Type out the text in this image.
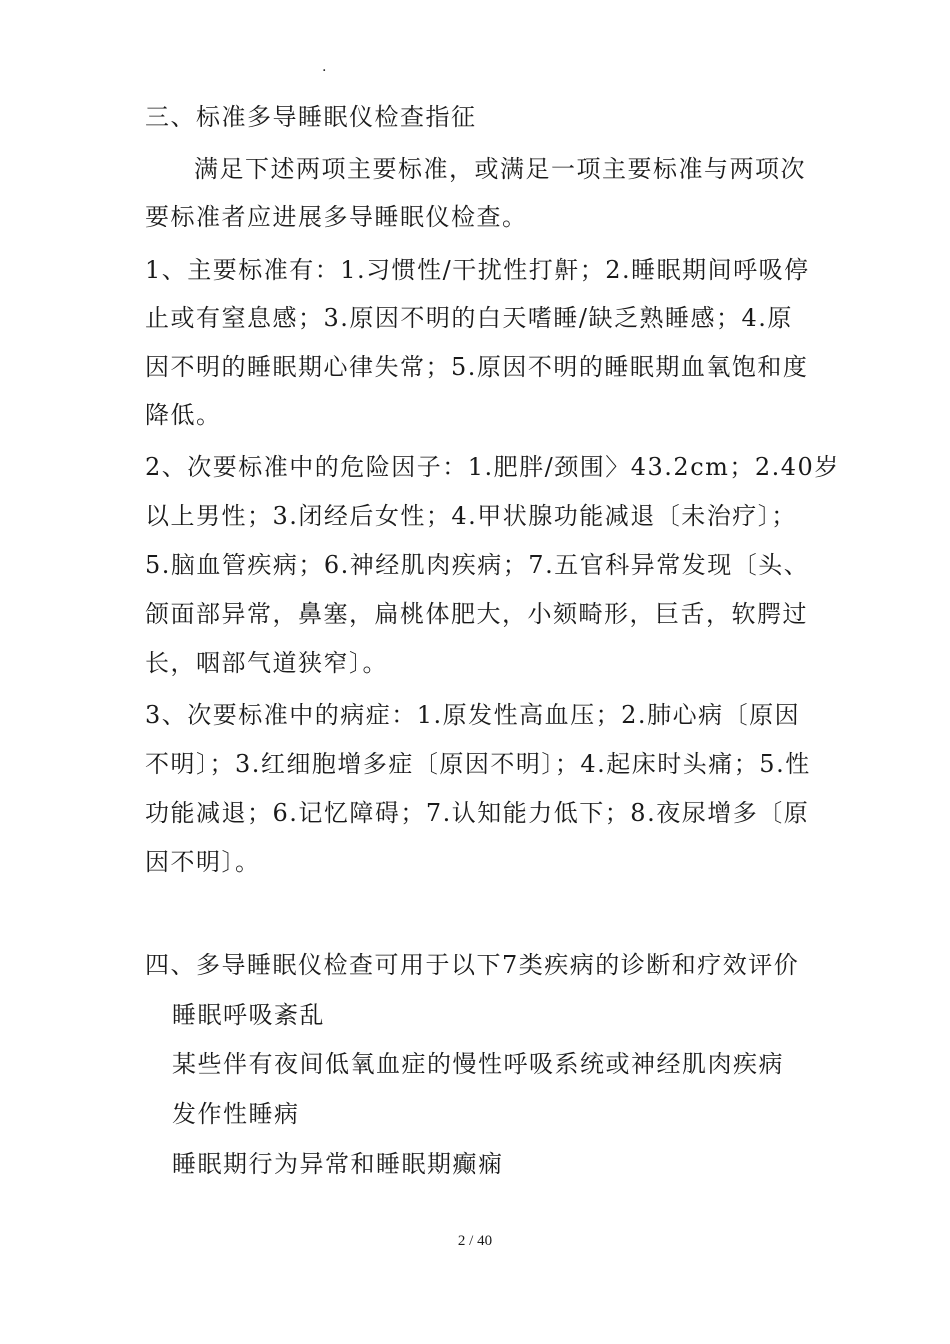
.
三、标准多导睡眠仪检查指征
满足下述两项主要标准，或满足一项主要标准与两项次
要标准者应进展多导睡眠仪检查。
1、主要标准有：1.习惯性/干扰性打鼾；2.睡眠期间呼吸停
止或有窒息感；3.原因不明的白天嗜睡/缺乏熟睡感；4.原
因不明的睡眠期心律失常；5.原因不明的睡眠期血氧饱和度
降低。
2、次要标准中的危险因子：1.肥胖/颈围〉43.2cm；2.40岁
以上男性；3.闭经后女性；4.甲状腺功能减退〔未治疗〕；
5.脑血管疾病；6.神经肌肉疾病；7.五官科异常发现〔头、
颌面部异常，鼻塞，扁桃体肥大，小颏畸形，巨舌，软腭过
长，咽部气道狭窄〕。
3、次要标准中的病症：1.原发性高血压；2.肺心病〔原因
不明〕；3.红细胞增多症〔原因不明〕；4.起床时头痛；5.性
功能减退；6.记忆障碍；7.认知能力低下；8.夜尿增多〔原
因不明〕。
四、多导睡眠仪检查可用于以下7类疾病的诊断和疗效评价
睡眠呼吸紊乱
某些伴有夜间低氧血症的慢性呼吸系统或神经肌肉疾病
发作性睡病
睡眠期行为异常和睡眠期癫痫
2 / 40
